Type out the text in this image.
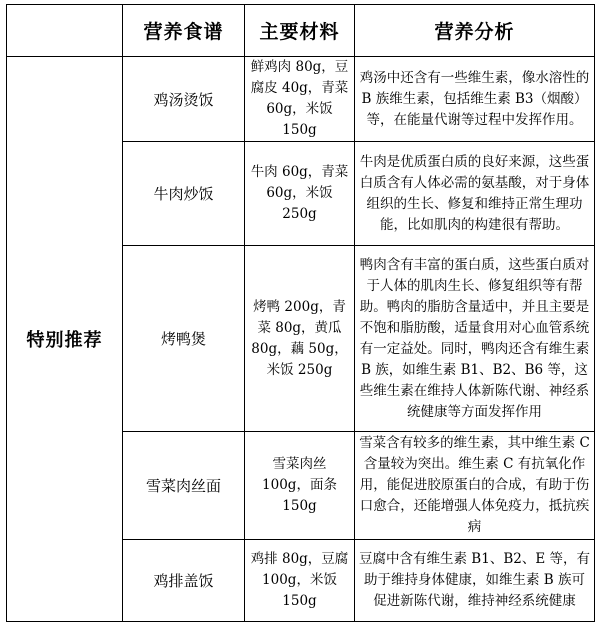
	营养食谱	主要材料	营养分析
特别推荐	鸡汤烫饭	鲜鸡肉 80g，豆腐皮 40g，青菜 60g，米饭 150g	鸡汤中还含有一些维生素，像水溶性的 B 族维生素，包括维生素 B3（烟酸）等，在能量代谢等过程中发挥作用。
	牛肉炒饭	牛肉 60g，青菜 60g，米饭 250g	牛肉是优质蛋白质的良好来源，这些蛋白质含有人体必需的氨基酸，对于身体组织的生长、修复和维持正常生理功能，比如肌肉的构建很有帮助。
	烤鸭煲	烤鸭 200g，青菜 80g，黄瓜 80g，藕 50g，米饭 250g	鸭肉含有丰富的蛋白质，这些蛋白质对于人体的肌肉生长、修复组织等有帮助。鸭肉的脂肪含量适中，并且主要是不饱和脂肪酸，适量食用对心血管系统有一定益处。同时，鸭肉还含有维生素 B 族，如维生素 B1、B2、B6 等，这些维生素在维持人体新陈代谢、神经系统健康等方面发挥作用
	雪菜肉丝面	雪菜肉丝 100g，面条 150g	雪菜含有较多的维生素，其中维生素 C 含量较为突出。维生素 C 有抗氧化作用，能促进胶原蛋白的合成，有助于伤口愈合，还能增强人体免疫力，抵抗疾病
	鸡排盖饭	鸡排 80g，豆腐 100g，米饭 150g	豆腐中含有维生素 B1、B2、E 等，有助于维持身体健康，如维生素 B 族可促进新陈代谢，维持神经系统健康
